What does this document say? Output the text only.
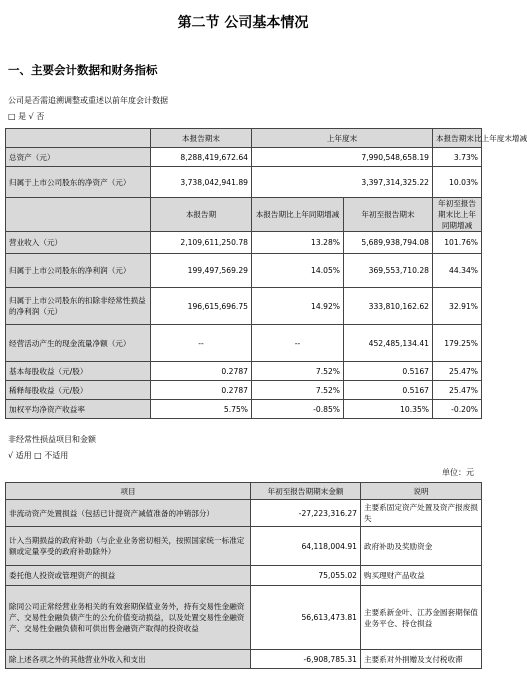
第二节 公司基本情况
一、主要会计数据和财务指标
公司是否需追溯调整或重述以前年度会计数据
□ 是 √ 否
	本报告期末	上年度末		本报告期末比上年度末增减
总资产（元）	8,288,419,672.64	7,990,548,658.19		3.73%
归属于上市公司股东的净资产（元）	3,738,042,941.89	3,397,314,325.22		10.03%
	本报告期	本报告期比上年同期增减	年初至报告期末	年初至报告期末比上年同期增减
营业收入（元）	2,109,611,250.78	13.28%	5,689,938,794.08	101.76%
归属于上市公司股东的净利润（元）	199,497,569.29	14.05%	369,553,710.28	44.34%
归属于上市公司股东的扣除非经常性损益的净利润（元）	196,615,696.75	14.92%	333,810,162.62	32.91%
经营活动产生的现金流量净额（元）	--	--	452,485,134.41	179.25%
基本每股收益（元/股）	0.2787	7.52%	0.5167	25.47%
稀释每股收益（元/股）	0.2787	7.52%	0.5167	25.47%
加权平均净资产收益率	5.75%	-0.85%	10.35%	-0.20%
非经常性损益项目和金额
√ 适用 □ 不适用
单位：元
项目	年初至报告期期末金额	说明
非流动资产处置损益（包括已计提资产减值准备的冲销部分）	-27,223,316.27	主要系固定资产处置及资产报废损失
计入当期损益的政府补助（与企业业务密切相关，按照国家统一标准定额或定量享受的政府补助除外）	64,118,004.91	政府补助及奖励资金
委托他人投资或管理资产的损益	75,055.02	购买理财产品收益
除同公司正常经营业务相关的有效套期保值业务外，持有交易性金融资产、交易性金融负债产生的公允价值变动损益，以及处置交易性金融资产、交易性金融负债和可供出售金融资产取得的投资收益	56,613,473.81	主要系新金叶、江苏金圆套期保值业务平仓、持仓损益
除上述各项之外的其他营业外收入和支出	-6,908,785.31	主要系对外捐赠及支付税收滞
